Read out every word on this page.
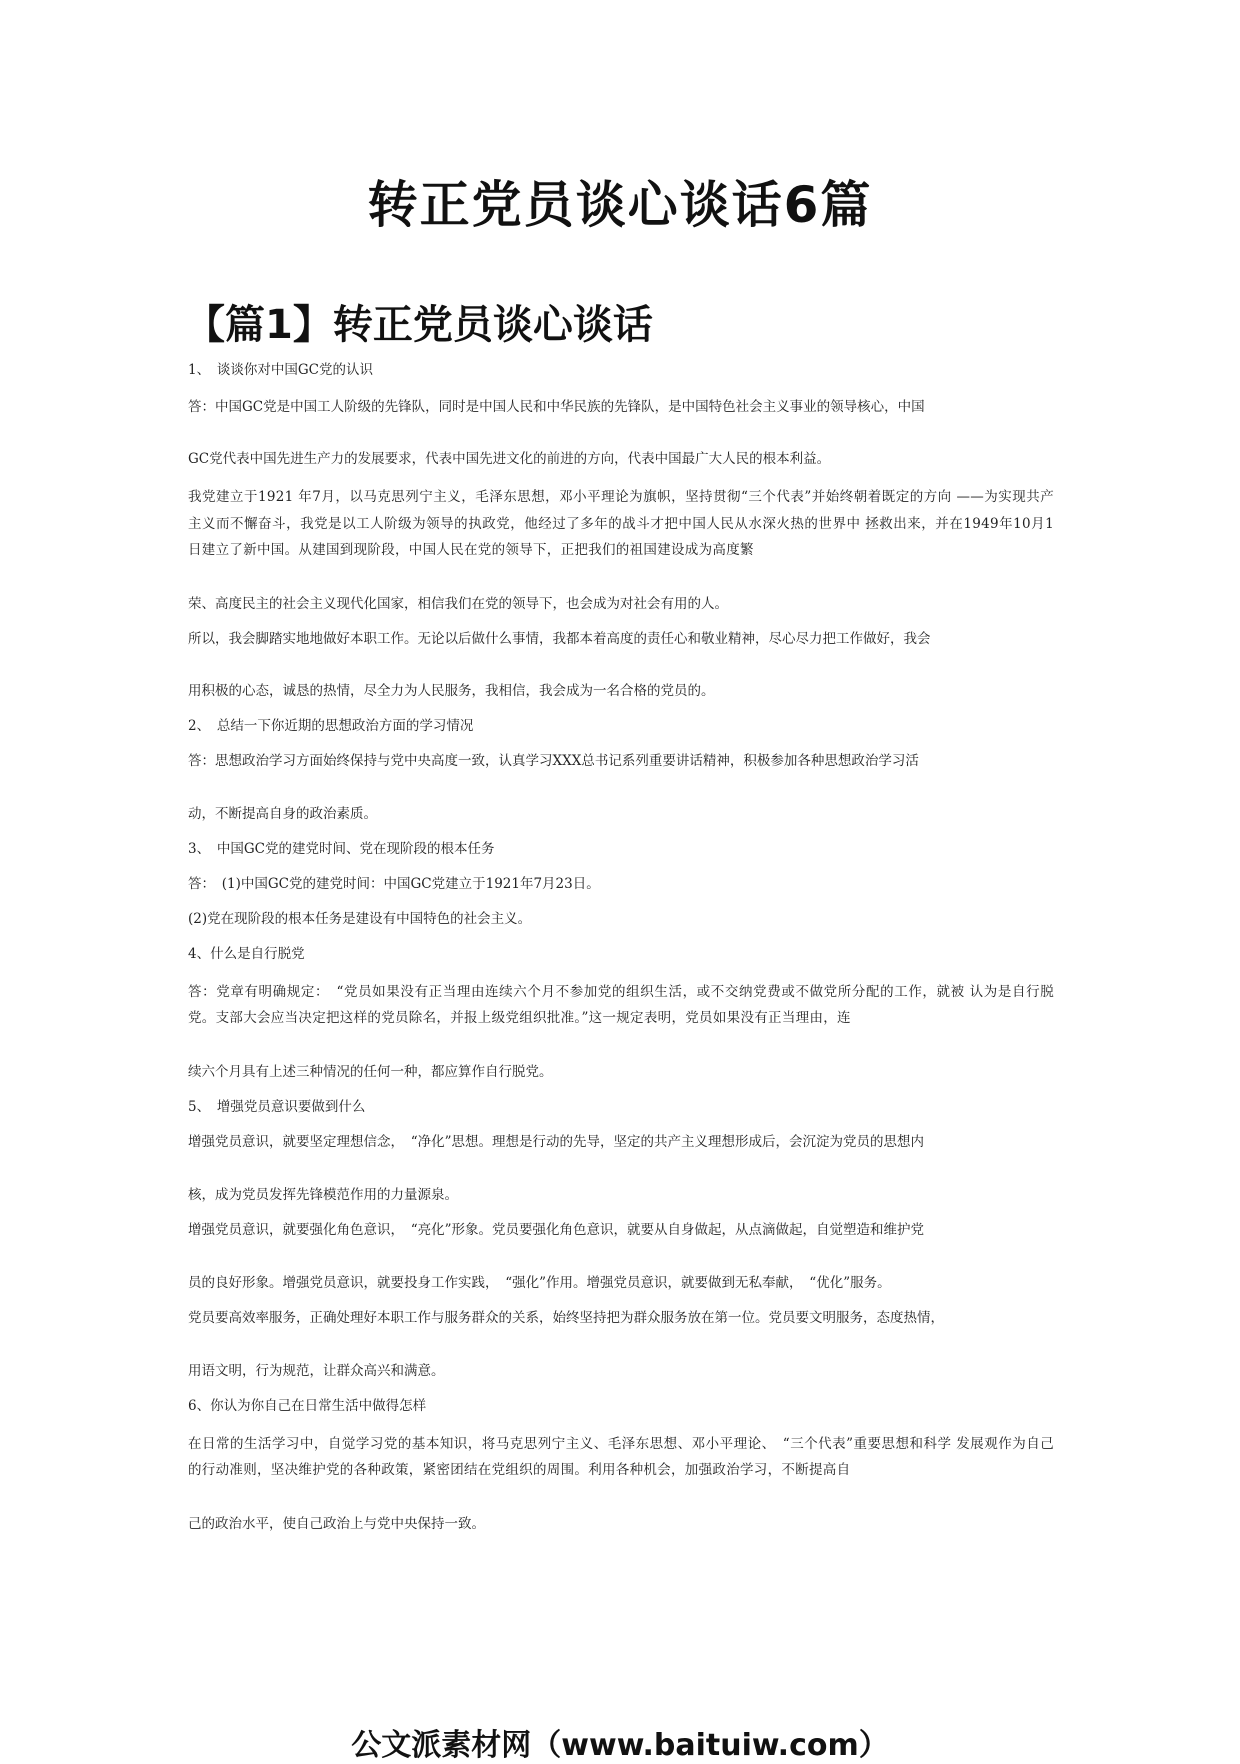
转正党员谈心谈话6篇
【篇1】转正党员谈心谈话

1、　谈谈你对中国GC党的认识

答：中国GC党是中国工人阶级的先锋队，同时是中国人民和中华民族的先锋队，是中国特色社会主义事业的领导核心，中国

GC党代表中国先进生产力的发展要求，代表中国先进文化的前进的方向，代表中国最广大人民的根本利益。

我党建立于1921 年7月，以马克思列宁主义，毛泽东思想，邓小平理论为旗帜，坚持贯彻“三个代表”并始终朝着既定的方向 ——为实现共产主义而不懈奋斗，我党是以工人阶级为领导的执政党，他经过了多年的战斗才把中国人民从水深火热的世界中 拯救出来，并在1949年10月1日建立了新中国。从建国到现阶段，中国人民在党的领导下，正把我们的祖国建设成为高度繁

荣、高度民主的社会主义现代化国家，相信我们在党的领导下，也会成为对社会有用的人。

所以，我会脚踏实地地做好本职工作。无论以后做什么事情，我都本着高度的责任心和敬业精神，尽心尽力把工作做好，我会

用积极的心态，诚恳的热情，尽全力为人民服务，我相信，我会成为一名合格的党员的。

2、　总结一下你近期的思想政治方面的学习情况

答：思想政治学习方面始终保持与党中央高度一致，认真学习XXX总书记系列重要讲话精神，积极参加各种思想政治学习活

动，不断提高自身的政治素质。

3、　中国GC党的建党时间、党在现阶段的根本任务

答：　(1)中国GC党的建党时间：中国GC党建立于1921年7月23日。

(2)党在现阶段的根本任务是建设有中国特色的社会主义。

4、什么是自行脱党

答：党章有明确规定：　“党员如果没有正当理由连续六个月不参加党的组织生活，或不交纳党费或不做党所分配的工作，就被 认为是自行脱党。支部大会应当决定把这样的党员除名，并报上级党组织批准。”这一规定表明，党员如果没有正当理由，连

续六个月具有上述三种情况的任何一种，都应算作自行脱党。

5、　增强党员意识要做到什么

增强党员意识，就要坚定理想信念，　“净化”思想。理想是行动的先导，坚定的共产主义理想形成后，会沉淀为党员的思想内

核，成为党员发挥先锋模范作用的力量源泉。

增强党员意识，就要强化角色意识，　“亮化”形象。党员要强化角色意识，就要从自身做起，从点滴做起，自觉塑造和维护党

员的良好形象。增强党员意识，就要投身工作实践，　“强化”作用。增强党员意识，就要做到无私奉献，　“优化”服务。

党员要高效率服务，正确处理好本职工作与服务群众的关系，始终坚持把为群众服务放在第一位。党员要文明服务，态度热情，

用语文明，行为规范，让群众高兴和满意。

6、你认为你自己在日常生活中做得怎样

在日常的生活学习中，自觉学习党的基本知识，将马克思列宁主义、毛泽东思想、邓小平理论、　“三个代表”重要思想和科学 发展观作为自己的行动准则，坚决维护党的各种政策，紧密团结在党组织的周围。利用各种机会，加强政治学习，不断提高自

己的政治水平，使自己政治上与党中央保持一致。

公文派素材网（www.baituiw.com）
